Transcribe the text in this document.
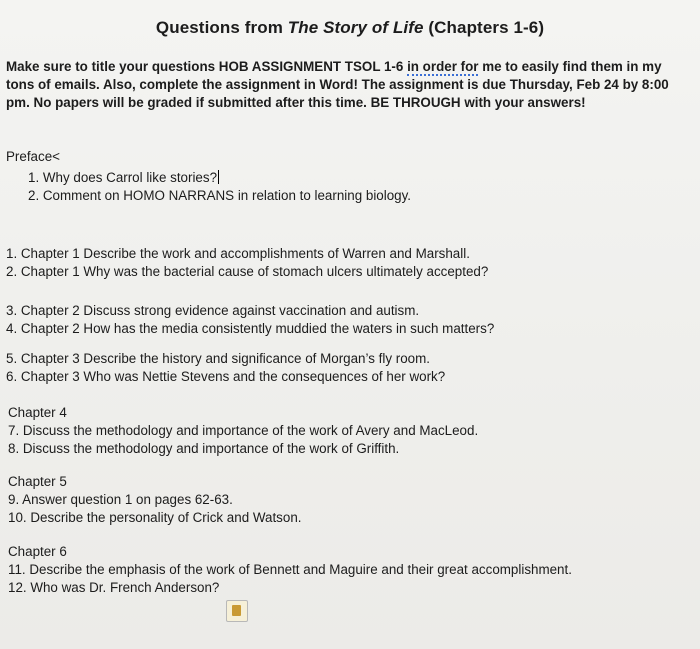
Questions from The Story of Life (Chapters 1-6)
Make sure to title your questions HOB ASSIGNMENT TSOL 1-6 in order for me to easily find them in my tons of emails. Also, complete the assignment in Word! The assignment is due Thursday, Feb 24 by 8:00 pm. No papers will be graded if submitted after this time. BE THROUGH with your answers!
Preface<
1. Why does Carrol like stories?
2. Comment on HOMO NARRANS in relation to learning biology.
1. Chapter 1 Describe the work and accomplishments of Warren and Marshall.
2. Chapter 1 Why was the bacterial cause of stomach ulcers ultimately accepted?
3. Chapter 2 Discuss strong evidence against vaccination and autism.
4. Chapter 2 How has the media consistently muddied the waters in such matters?
5. Chapter 3 Describe the history and significance of Morgan’s fly room.
6. Chapter 3 Who was Nettie Stevens and the consequences of her work?
Chapter 4
7. Discuss the methodology and importance of the work of Avery and MacLeod.
8. Discuss the methodology and importance of the work of Griffith.
Chapter 5
9. Answer question 1 on pages 62-63.
10. Describe the personality of Crick and Watson.
Chapter 6
11. Describe the emphasis of the work of Bennett and Maguire and their great accomplishment.
12. Who was Dr. French Anderson?
